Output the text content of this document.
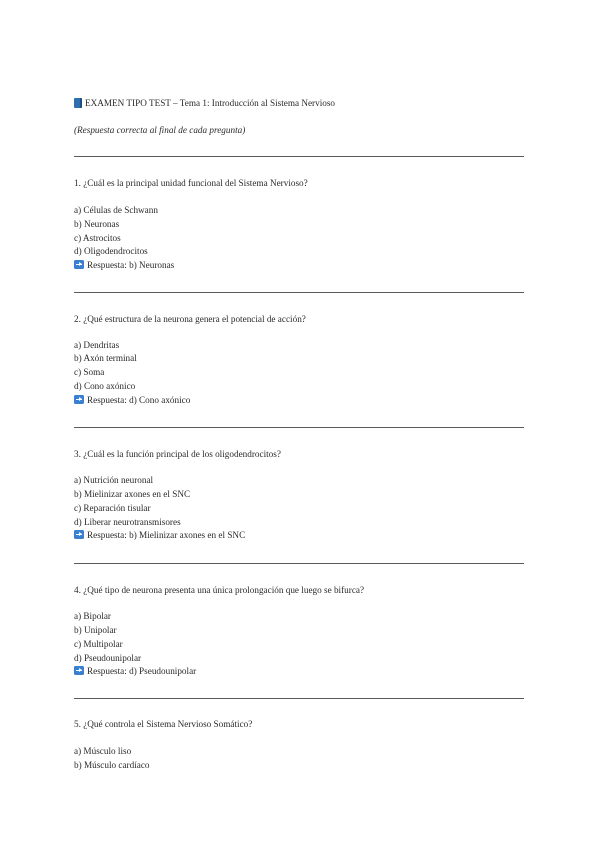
EXAMEN TIPO TEST – Tema 1: Introducción al Sistema Nervioso
(Respuesta correcta al final de cada pregunta)
1. ¿Cuál es la principal unidad funcional del Sistema Nervioso?
a) Células de Schwann
b) Neuronas
c) Astrocitos
d) Oligodendrocitos
Respuesta: b) Neuronas
2. ¿Qué estructura de la neurona genera el potencial de acción?
a) Dendritas
b) Axón terminal
c) Soma
d) Cono axónico
Respuesta: d) Cono axónico
3. ¿Cuál es la función principal de los oligodendrocitos?
a) Nutrición neuronal
b) Mielinizar axones en el SNC
c) Reparación tisular
d) Liberar neurotransmisores
Respuesta: b) Mielinizar axones en el SNC
4. ¿Qué tipo de neurona presenta una única prolongación que luego se bifurca?
a) Bipolar
b) Unipolar
c) Multipolar
d) Pseudounipolar
Respuesta: d) Pseudounipolar
5. ¿Qué controla el Sistema Nervioso Somático?
a) Músculo liso
b) Músculo cardíaco
